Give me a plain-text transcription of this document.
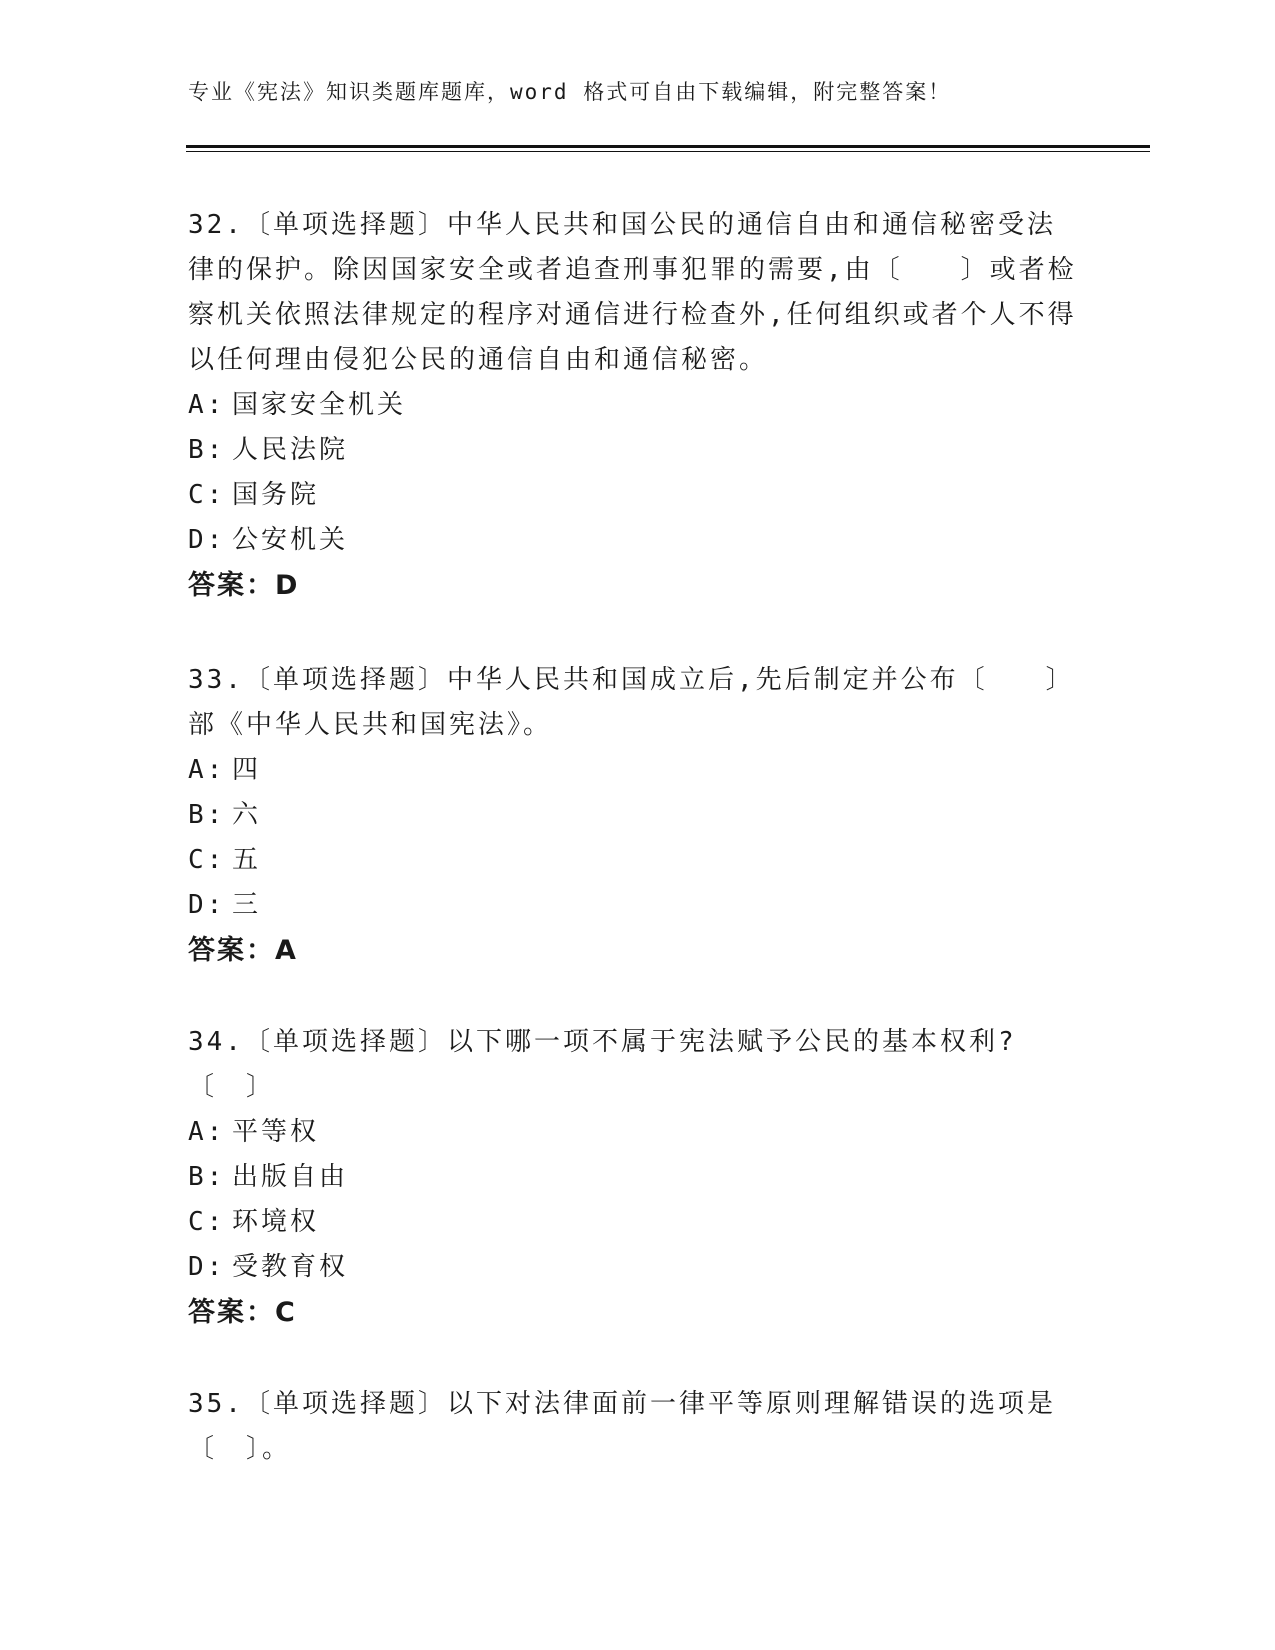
专业《宪法》知识类题库题库，word 格式可自由下载编辑，附完整答案！

32.〔单项选择题〕中华人民共和国公民的通信自由和通信秘密受法律的保护。除因国家安全或者追查刑事犯罪的需要,由〔　　〕或者检察机关依照法律规定的程序对通信进行检查外,任何组织或者个人不得以任何理由侵犯公民的通信自由和通信秘密。

A: 国家安全机关
B: 人民法院
C: 国务院
D: 公安机关
答案：D

33.〔单项选择题〕中华人民共和国成立后,先后制定并公布〔　　〕部《中华人民共和国宪法》。

A: 四
B: 六
C: 五
D: 三
答案：A

34.〔单项选择题〕以下哪一项不属于宪法赋予公民的基本权利?〔　〕

A: 平等权
B: 出版自由
C: 环境权
D: 受教育权
答案：C

35.〔单项选择题〕以下对法律面前一律平等原则理解错误的选项是〔　〕。
